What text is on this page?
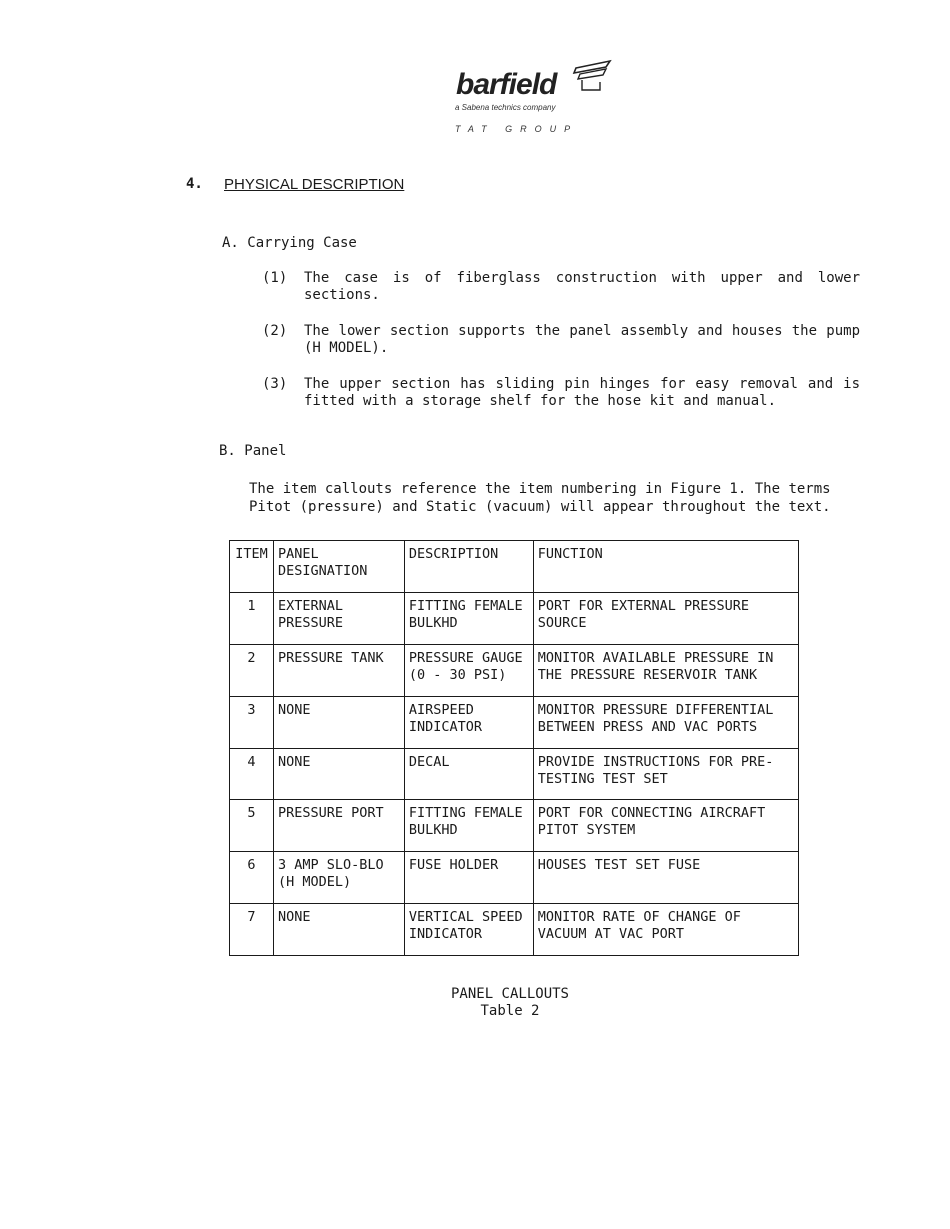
barfield
a Sabena technics company
TAT GROUP
4. PHYSICAL DESCRIPTION
A. Carrying Case
(1) The case is of fiberglass construction with upper and lower sections.
(2) The lower section supports the panel assembly and houses the pump (H MODEL).
(3) The upper section has sliding pin hinges for easy removal and is fitted with a storage shelf for the hose kit and manual.
B. Panel
The item callouts reference the item numbering in Figure 1. The terms Pitot (pressure) and Static (vacuum) will appear throughout the text.
ITEM	PANEL DESIGNATION	DESCRIPTION	FUNCTION
1	EXTERNAL PRESSURE	FITTING FEMALE BULKHD	PORT FOR EXTERNAL PRESSURE SOURCE
2	PRESSURE TANK	PRESSURE GAUGE (0 - 30 PSI)	MONITOR AVAILABLE PRESSURE IN THE PRESSURE RESERVOIR TANK
3	NONE	AIRSPEED INDICATOR	MONITOR PRESSURE DIFFERENTIAL BETWEEN PRESS AND VAC PORTS
4	NONE	DECAL	PROVIDE INSTRUCTIONS FOR PRE-TESTING TEST SET
5	PRESSURE PORT	FITTING FEMALE BULKHD	PORT FOR CONNECTING AIRCRAFT PITOT SYSTEM
6	3 AMP SLO-BLO (H MODEL)	FUSE HOLDER	HOUSES TEST SET FUSE
7	NONE	VERTICAL SPEED INDICATOR	MONITOR RATE OF CHANGE OF VACUUM AT VAC PORT
PANEL CALLOUTS
Table 2
